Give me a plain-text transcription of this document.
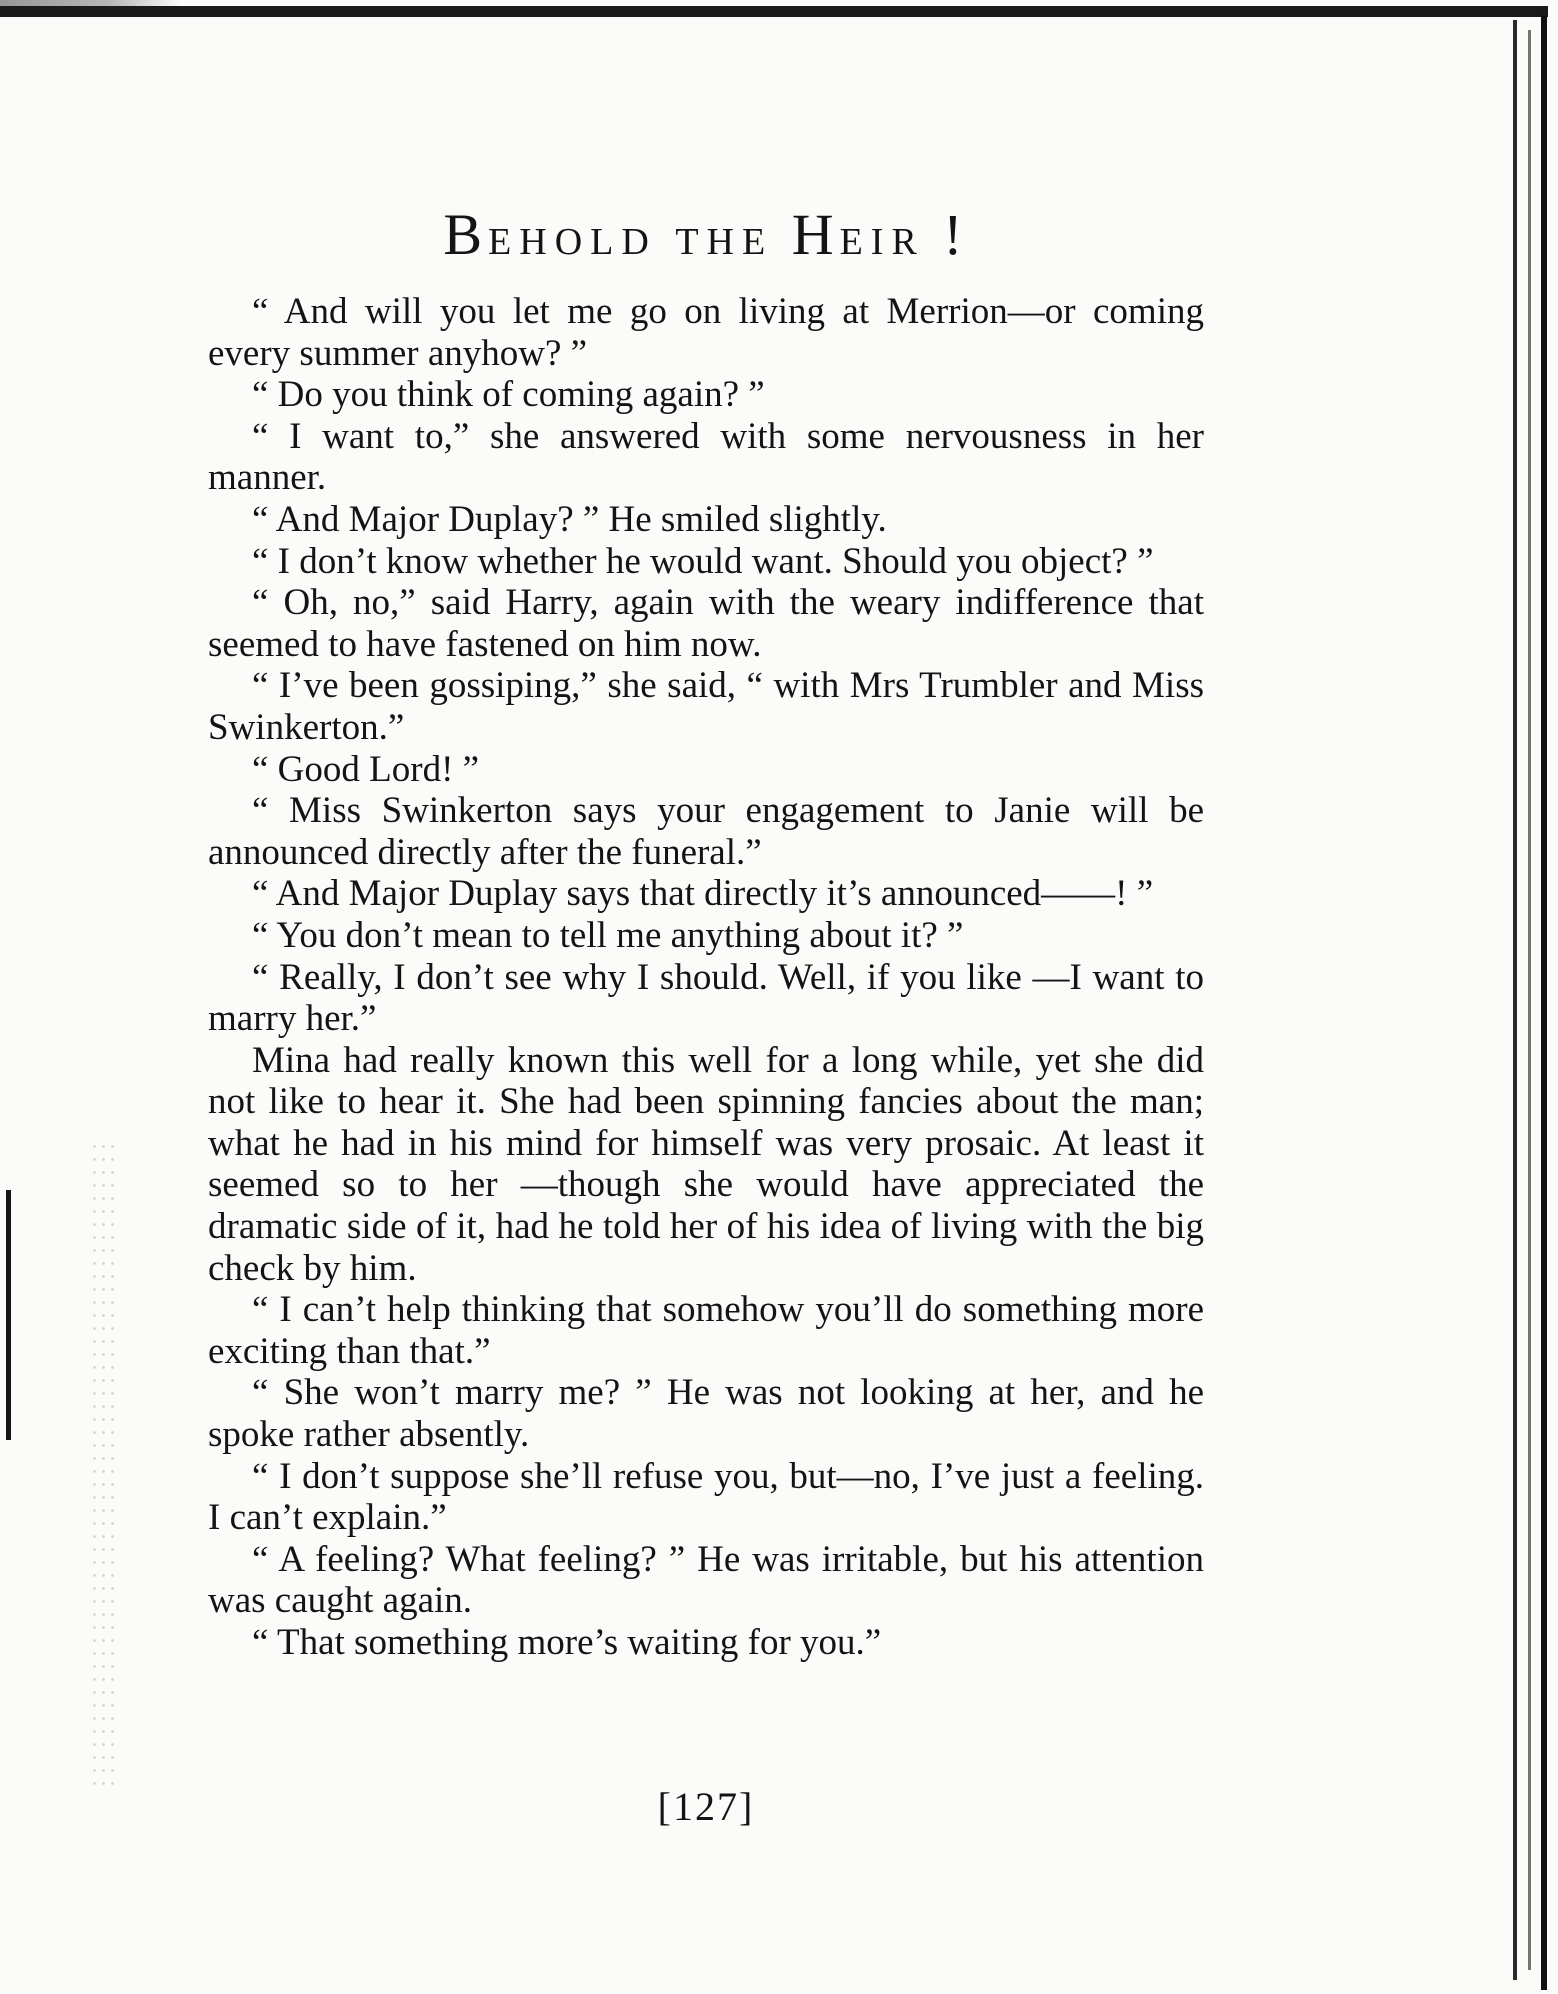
BEHOLD THE HEIR !

“ And will you let me go on living at Merrion—or coming every summer anyhow? ”

“ Do you think of coming again? ”

“ I want to,” she answered with some nervousness in her manner.

“ And Major Duplay? ” He smiled slightly.

“ I don’t know whether he would want. Should you object? ”

“ Oh, no,” said Harry, again with the weary indifference that seemed to have fastened on him now.

“ I’ve been gossiping,” she said, “ with Mrs Trumbler and Miss Swinkerton.”

“ Good Lord! ”

“ Miss Swinkerton says your engagement to Janie will be announced directly after the funeral.”

“ And Major Duplay says that directly it’s announced——! ”

“ You don’t mean to tell me anything about it? ”

“ Really, I don’t see why I should. Well, if you like —I want to marry her.”

Mina had really known this well for a long while, yet she did not like to hear it. She had been spinning fancies about the man; what he had in his mind for himself was very prosaic. At least it seemed so to her —though she would have appreciated the dramatic side of it, had he told her of his idea of living with the big check by him.

“ I can’t help thinking that somehow you’ll do something more exciting than that.”

“ She won’t marry me? ” He was not looking at her, and he spoke rather absently.

“ I don’t suppose she’ll refuse you, but—no, I’ve just a feeling. I can’t explain.”

“ A feeling? What feeling? ” He was irritable, but his attention was caught again.

“ That something more’s waiting for you.”

[127]
